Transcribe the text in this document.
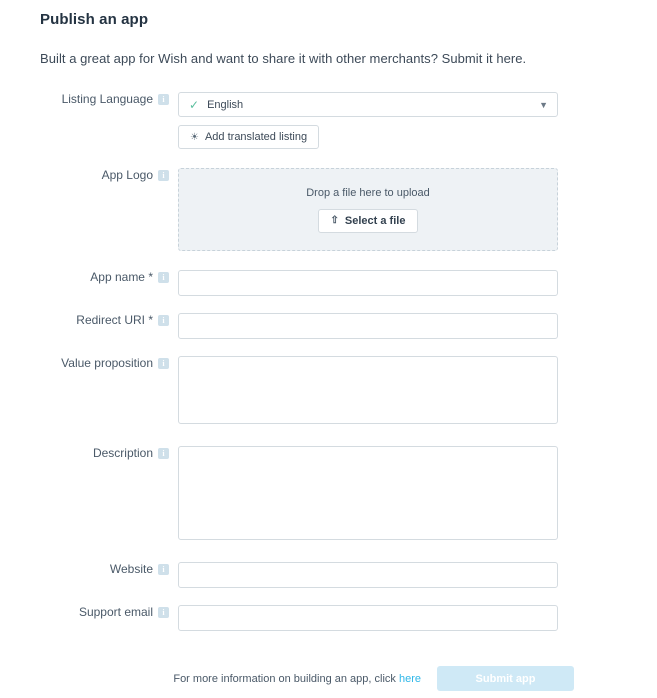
Publish an app

Built a great app for Wish and want to share it with other merchants? Submit it here.

Listing Language i	✓ English	▼
☀ Add translated listing
App Logo i
Drop a file here to upload
⇧ Select a file
App name * i
Redirect URI * i
Value proposition i
Description i
Website i
Support email i
For more information on building an app, click here	Submit app
